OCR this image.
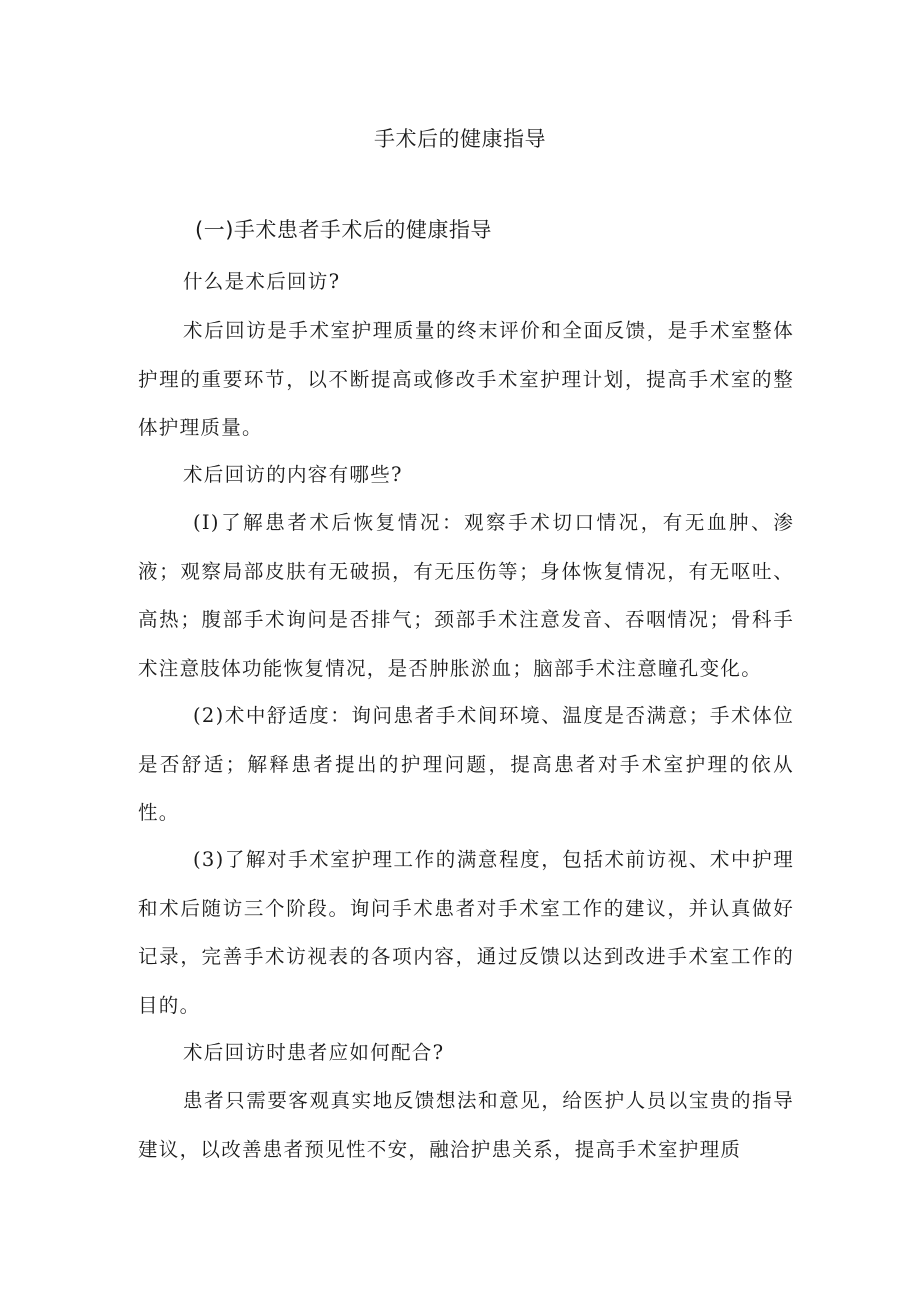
手术后的健康指导
(一)手术患者手术后的健康指导

什么是术后回访?

术后回访是手术室护理质量的终末评价和全面反馈，是手术室整体护理的重要环节，以不断提高或修改手术室护理计划，提高手术室的整体护理质量。

术后回访的内容有哪些?

(I)了解患者术后恢复情况：观察手术切口情况，有无血肿、渗液；观察局部皮肤有无破损，有无压伤等；身体恢复情况，有无呕吐、高热；腹部手术询问是否排气；颈部手术注意发音、吞咽情况；骨科手术注意肢体功能恢复情况，是否肿胀淤血；脑部手术注意瞳孔变化。

(2)术中舒适度：询问患者手术间环境、温度是否满意；手术体位是否舒适；解释患者提出的护理问题，提高患者对手术室护理的依从性。

(3)了解对手术室护理工作的满意程度，包括术前访视、术中护理和术后随访三个阶段。询问手术患者对手术室工作的建议，并认真做好记录，完善手术访视表的各项内容，通过反馈以达到改进手术室工作的目的。

术后回访时患者应如何配合?

患者只需要客观真实地反馈想法和意见，给医护人员以宝贵的指导建议，以改善患者预见性不安，融洽护患关系，提高手术室护理质
